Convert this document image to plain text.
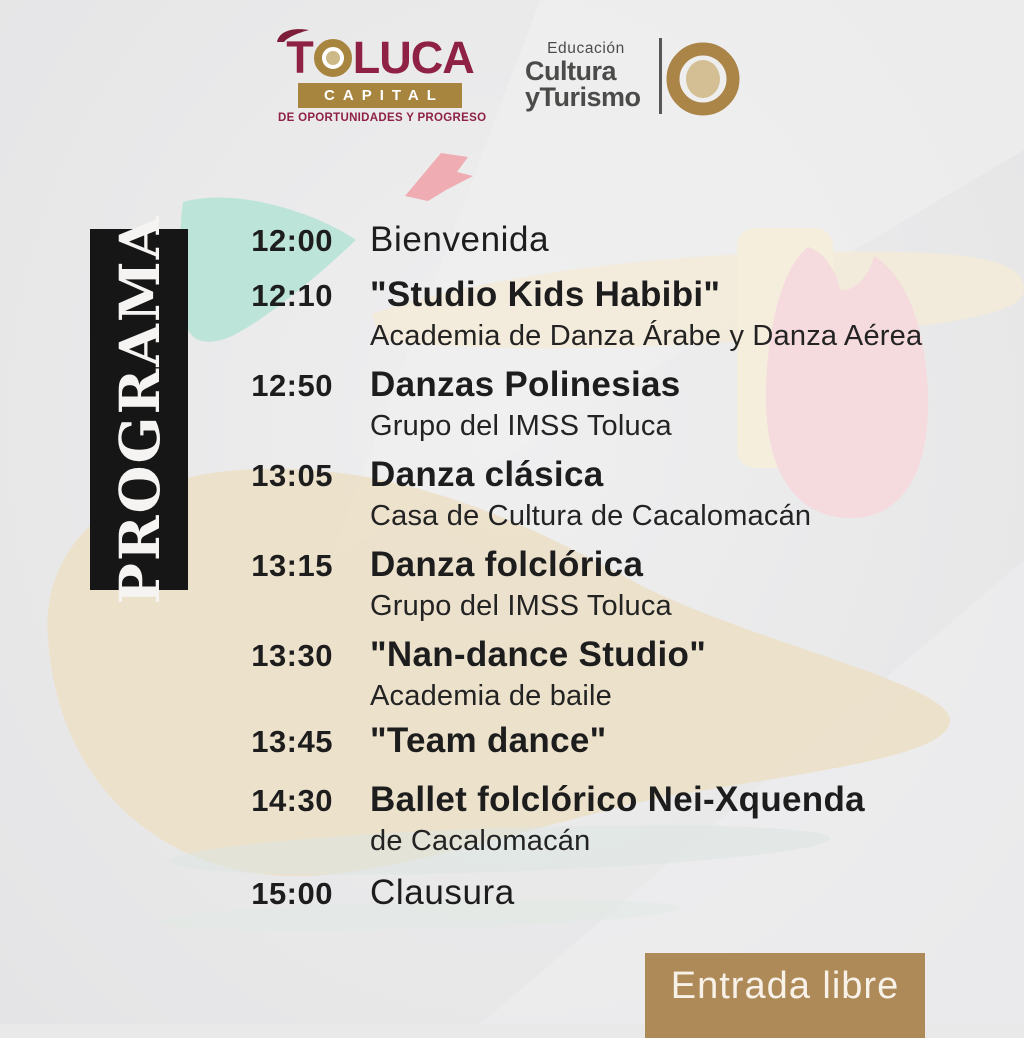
T LUCA
CAPITAL
DE OPORTUNIDADES Y PROGRESO
Educación
Cultura
yTurismo
PROGRAMA	12:00 Bienvenida
12:10 "Studio Kids Habibi"
Academia de Danza Árabe y Danza Aérea
12:50 Danzas Polinesias
Grupo del IMSS Toluca
13:05 Danza clásica
Casa de Cultura de Cacalomacán
13:15 Danza folclórica
Grupo del IMSS Toluca
13:30 "Nan-dance Studio"
Academia de baile
13:45 "Team dance"
14:30 Ballet folclórico Nei-Xquenda
de Cacalomacán
15:00 Clausura
Entrada libre
